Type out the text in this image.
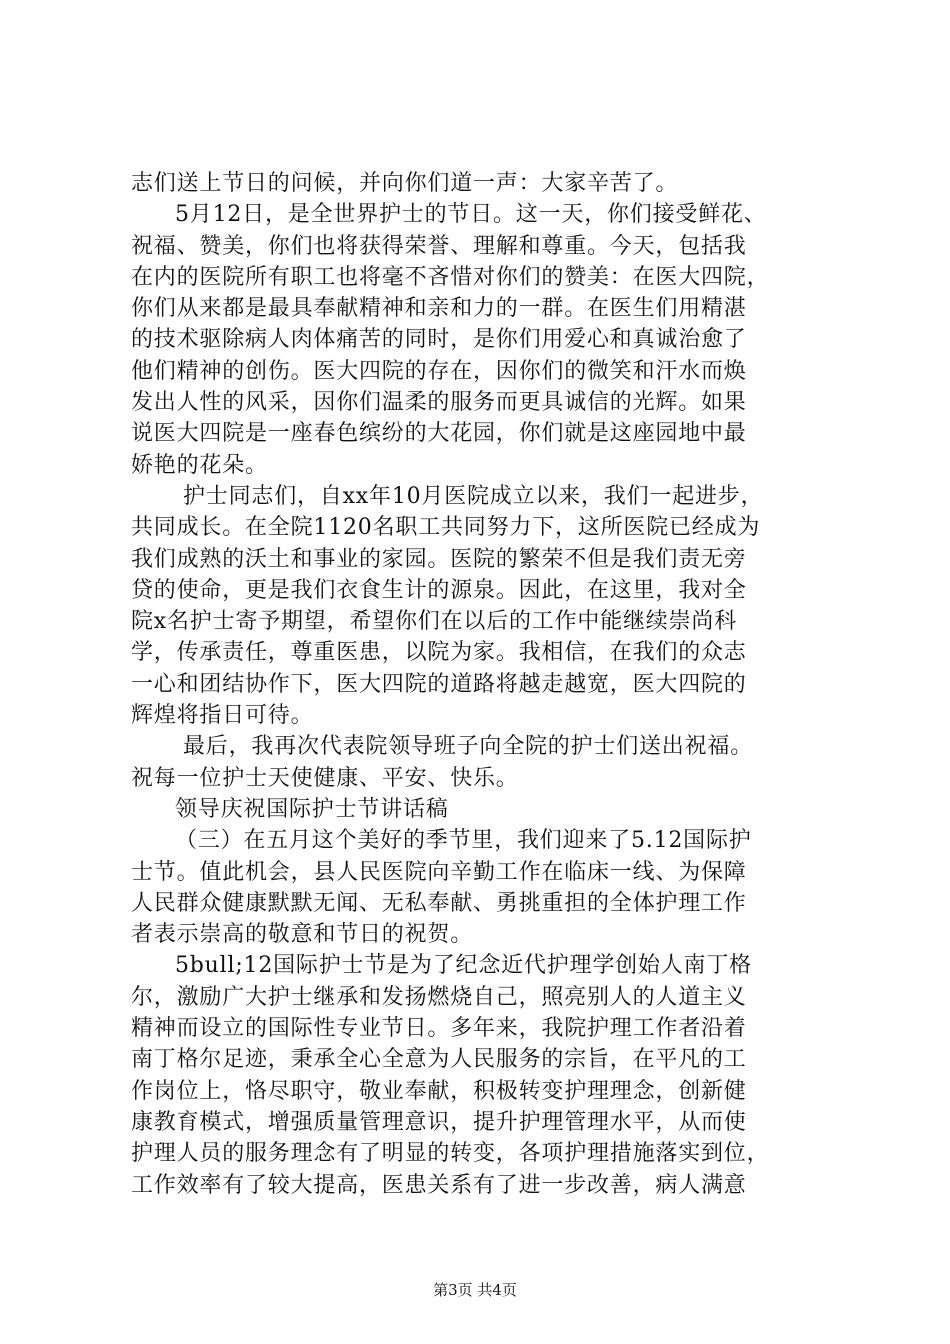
志们送上节日的问候，并向你们道一声：大家辛苦了。
5月12日，是全世界护士的节日。这一天，你们接受鲜花、
祝福、赞美，你们也将获得荣誉、理解和尊重。今天，包括我
在内的医院所有职工也将毫不吝惜对你们的赞美：在医大四院，
你们从来都是最具奉献精神和亲和力的一群。在医生们用精湛
的技术驱除病人肉体痛苦的同时，是你们用爱心和真诚治愈了
他们精神的创伤。医大四院的存在，因你们的微笑和汗水而焕
发出人性的风采，因你们温柔的服务而更具诚信的光辉。如果
说医大四院是一座春色缤纷的大花园，你们就是这座园地中最
娇艳的花朵。
护士同志们，自xx年10月医院成立以来，我们一起进步，
共同成长。在全院1120名职工共同努力下，这所医院已经成为
我们成熟的沃土和事业的家园。医院的繁荣不但是我们责无旁
贷的使命，更是我们衣食生计的源泉。因此，在这里，我对全
院x名护士寄予期望，希望你们在以后的工作中能继续崇尚科
学，传承责任，尊重医患，以院为家。我相信，在我们的众志
一心和团结协作下，医大四院的道路将越走越宽，医大四院的
辉煌将指日可待。
最后，我再次代表院领导班子向全院的护士们送出祝福。
祝每一位护士天使健康、平安、快乐。
领导庆祝国际护士节讲话稿
（三）在五月这个美好的季节里，我们迎来了5.12国际护
士节。值此机会，县人民医院向辛勤工作在临床一线、为保障
人民群众健康默默无闻、无私奉献、勇挑重担的全体护理工作
者表示崇高的敬意和节日的祝贺。
5bull;12国际护士节是为了纪念近代护理学创始人南丁格
尔，激励广大护士继承和发扬燃烧自己，照亮别人的人道主义
精神而设立的国际性专业节日。多年来，我院护理工作者沿着
南丁格尔足迹，秉承全心全意为人民服务的宗旨，在平凡的工
作岗位上，恪尽职守，敬业奉献，积极转变护理理念，创新健
康教育模式，增强质量管理意识，提升护理管理水平，从而使
护理人员的服务理念有了明显的转变，各项护理措施落实到位，
工作效率有了较大提高，医患关系有了进一步改善，病人满意
第3页 共4页
